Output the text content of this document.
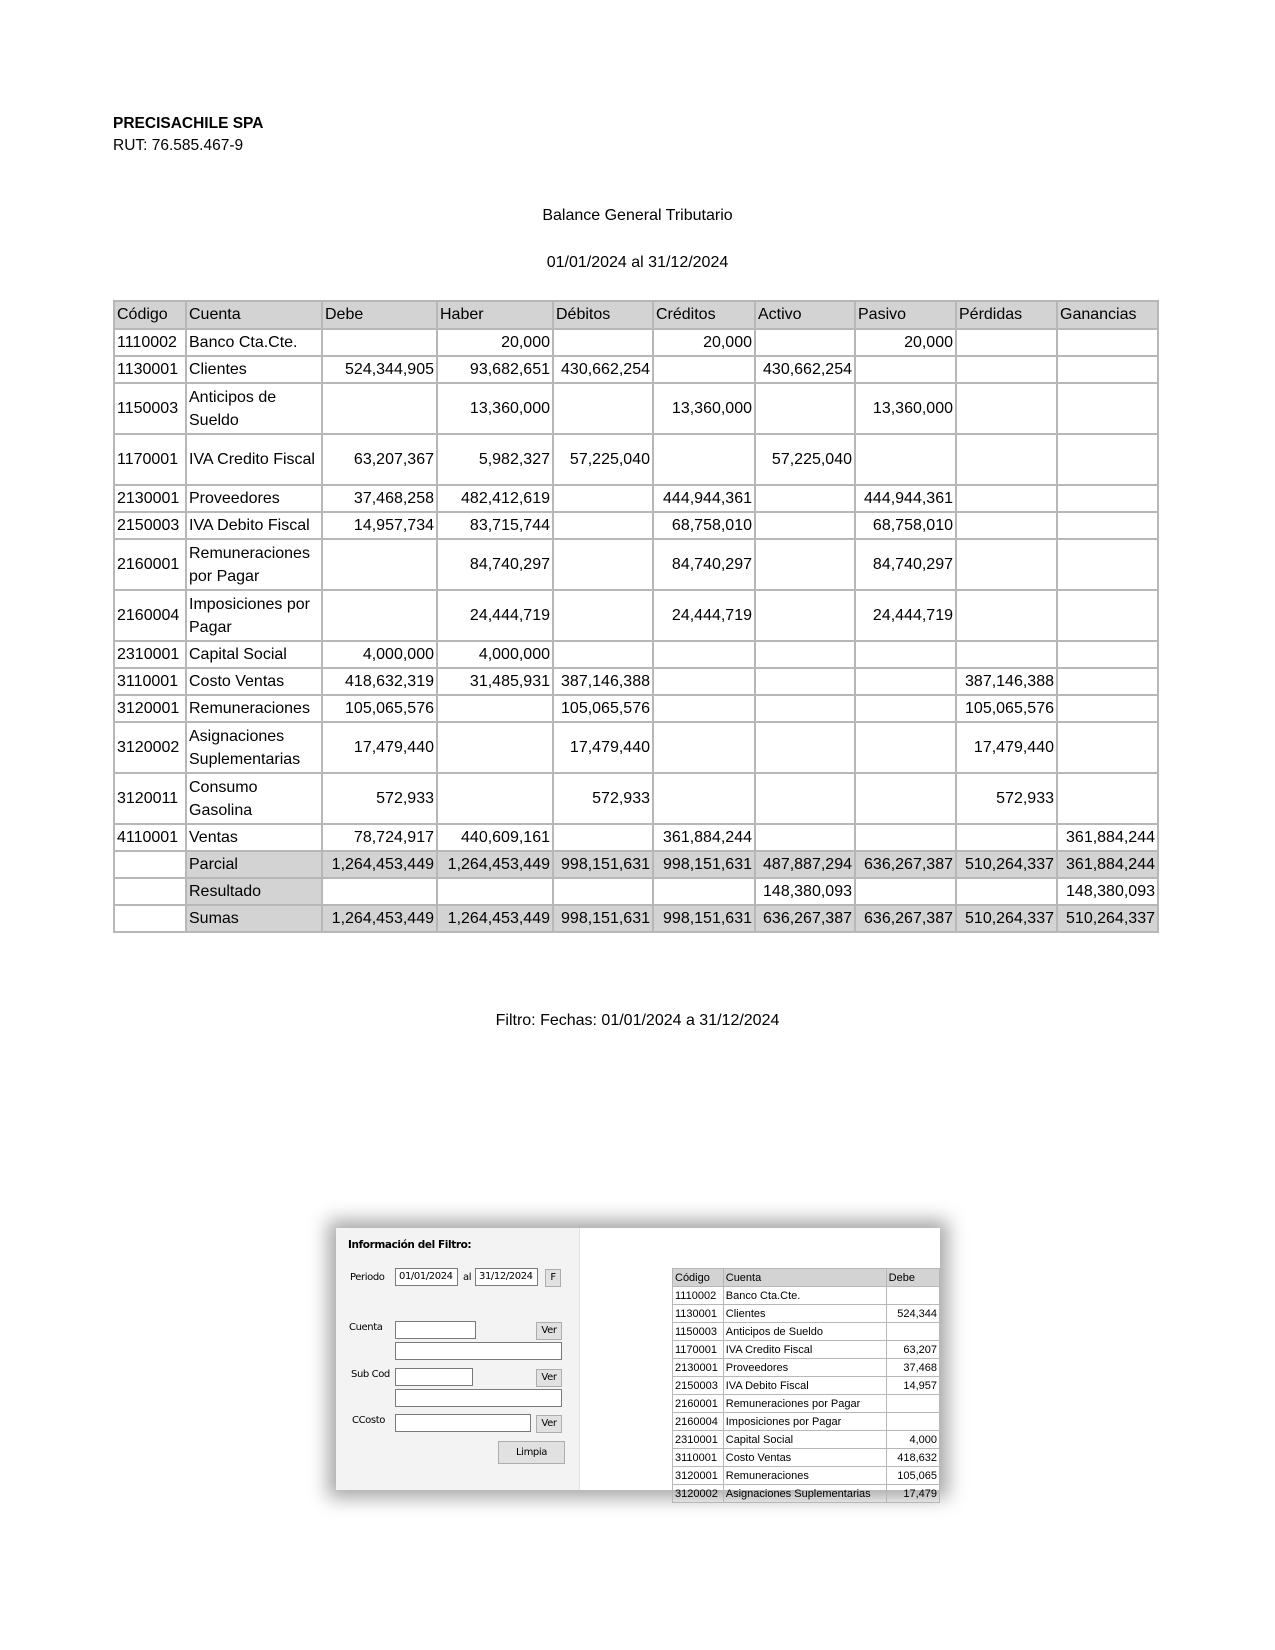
PRECISACHILE SPA
RUT: 76.585.467-9
Balance General Tributario
01/01/2024 al 31/12/2024
Código	Cuenta	Debe	Haber	Débitos	Créditos	Activo	Pasivo	Pérdidas	Ganancias
1110002	Banco Cta.Cte.		20,000		20,000		20,000		
1130001	Clientes	524,344,905	93,682,651	430,662,254		430,662,254			
1150003	Anticipos de Sueldo		13,360,000		13,360,000		13,360,000		
1170001	IVA Credito Fiscal	63,207,367	5,982,327	57,225,040		57,225,040			
2130001	Proveedores	37,468,258	482,412,619		444,944,361		444,944,361		
2150003	IVA Debito Fiscal	14,957,734	83,715,744		68,758,010		68,758,010		
2160001	Remuneraciones por Pagar		84,740,297		84,740,297		84,740,297		
2160004	Imposiciones por Pagar		24,444,719		24,444,719		24,444,719		
2310001	Capital Social	4,000,000	4,000,000						
3110001	Costo Ventas	418,632,319	31,485,931	387,146,388				387,146,388	
3120001	Remuneraciones	105,065,576		105,065,576				105,065,576	
3120002	Asignaciones Suplementarias	17,479,440		17,479,440				17,479,440	
3120011	Consumo Gasolina	572,933		572,933				572,933	
4110001	Ventas	78,724,917	440,609,161		361,884,244				361,884,244
	Parcial	1,264,453,449	1,264,453,449	998,151,631	998,151,631	487,887,294	636,267,387	510,264,337	361,884,244
	Resultado					148,380,093			148,380,093
	Sumas	1,264,453,449	1,264,453,449	998,151,631	998,151,631	636,267,387	636,267,387	510,264,337	510,264,337
Filtro: Fechas: 01/01/2024 a 31/12/2024
Información del Filtro:
Periodo	01/01/2024	al 31/12/2024	F
Cuenta	Ver
Sub Cod	Ver
CCosto	Ver
Limpia
Código	Cuenta	Debe
1110002	Banco Cta.Cte.	
1130001	Clientes	524,344
1150003	Anticipos de Sueldo	
1170001	IVA Credito Fiscal	63,207
2130001	Proveedores	37,468
2150003	IVA Debito Fiscal	14,957
2160001	Remuneraciones por Pagar	
2160004	Imposiciones por Pagar	
2310001	Capital Social	4,000
3110001	Costo Ventas	418,632
3120001	Remuneraciones	105,065
3120002	Asignaciones Suplementarias	17,479
